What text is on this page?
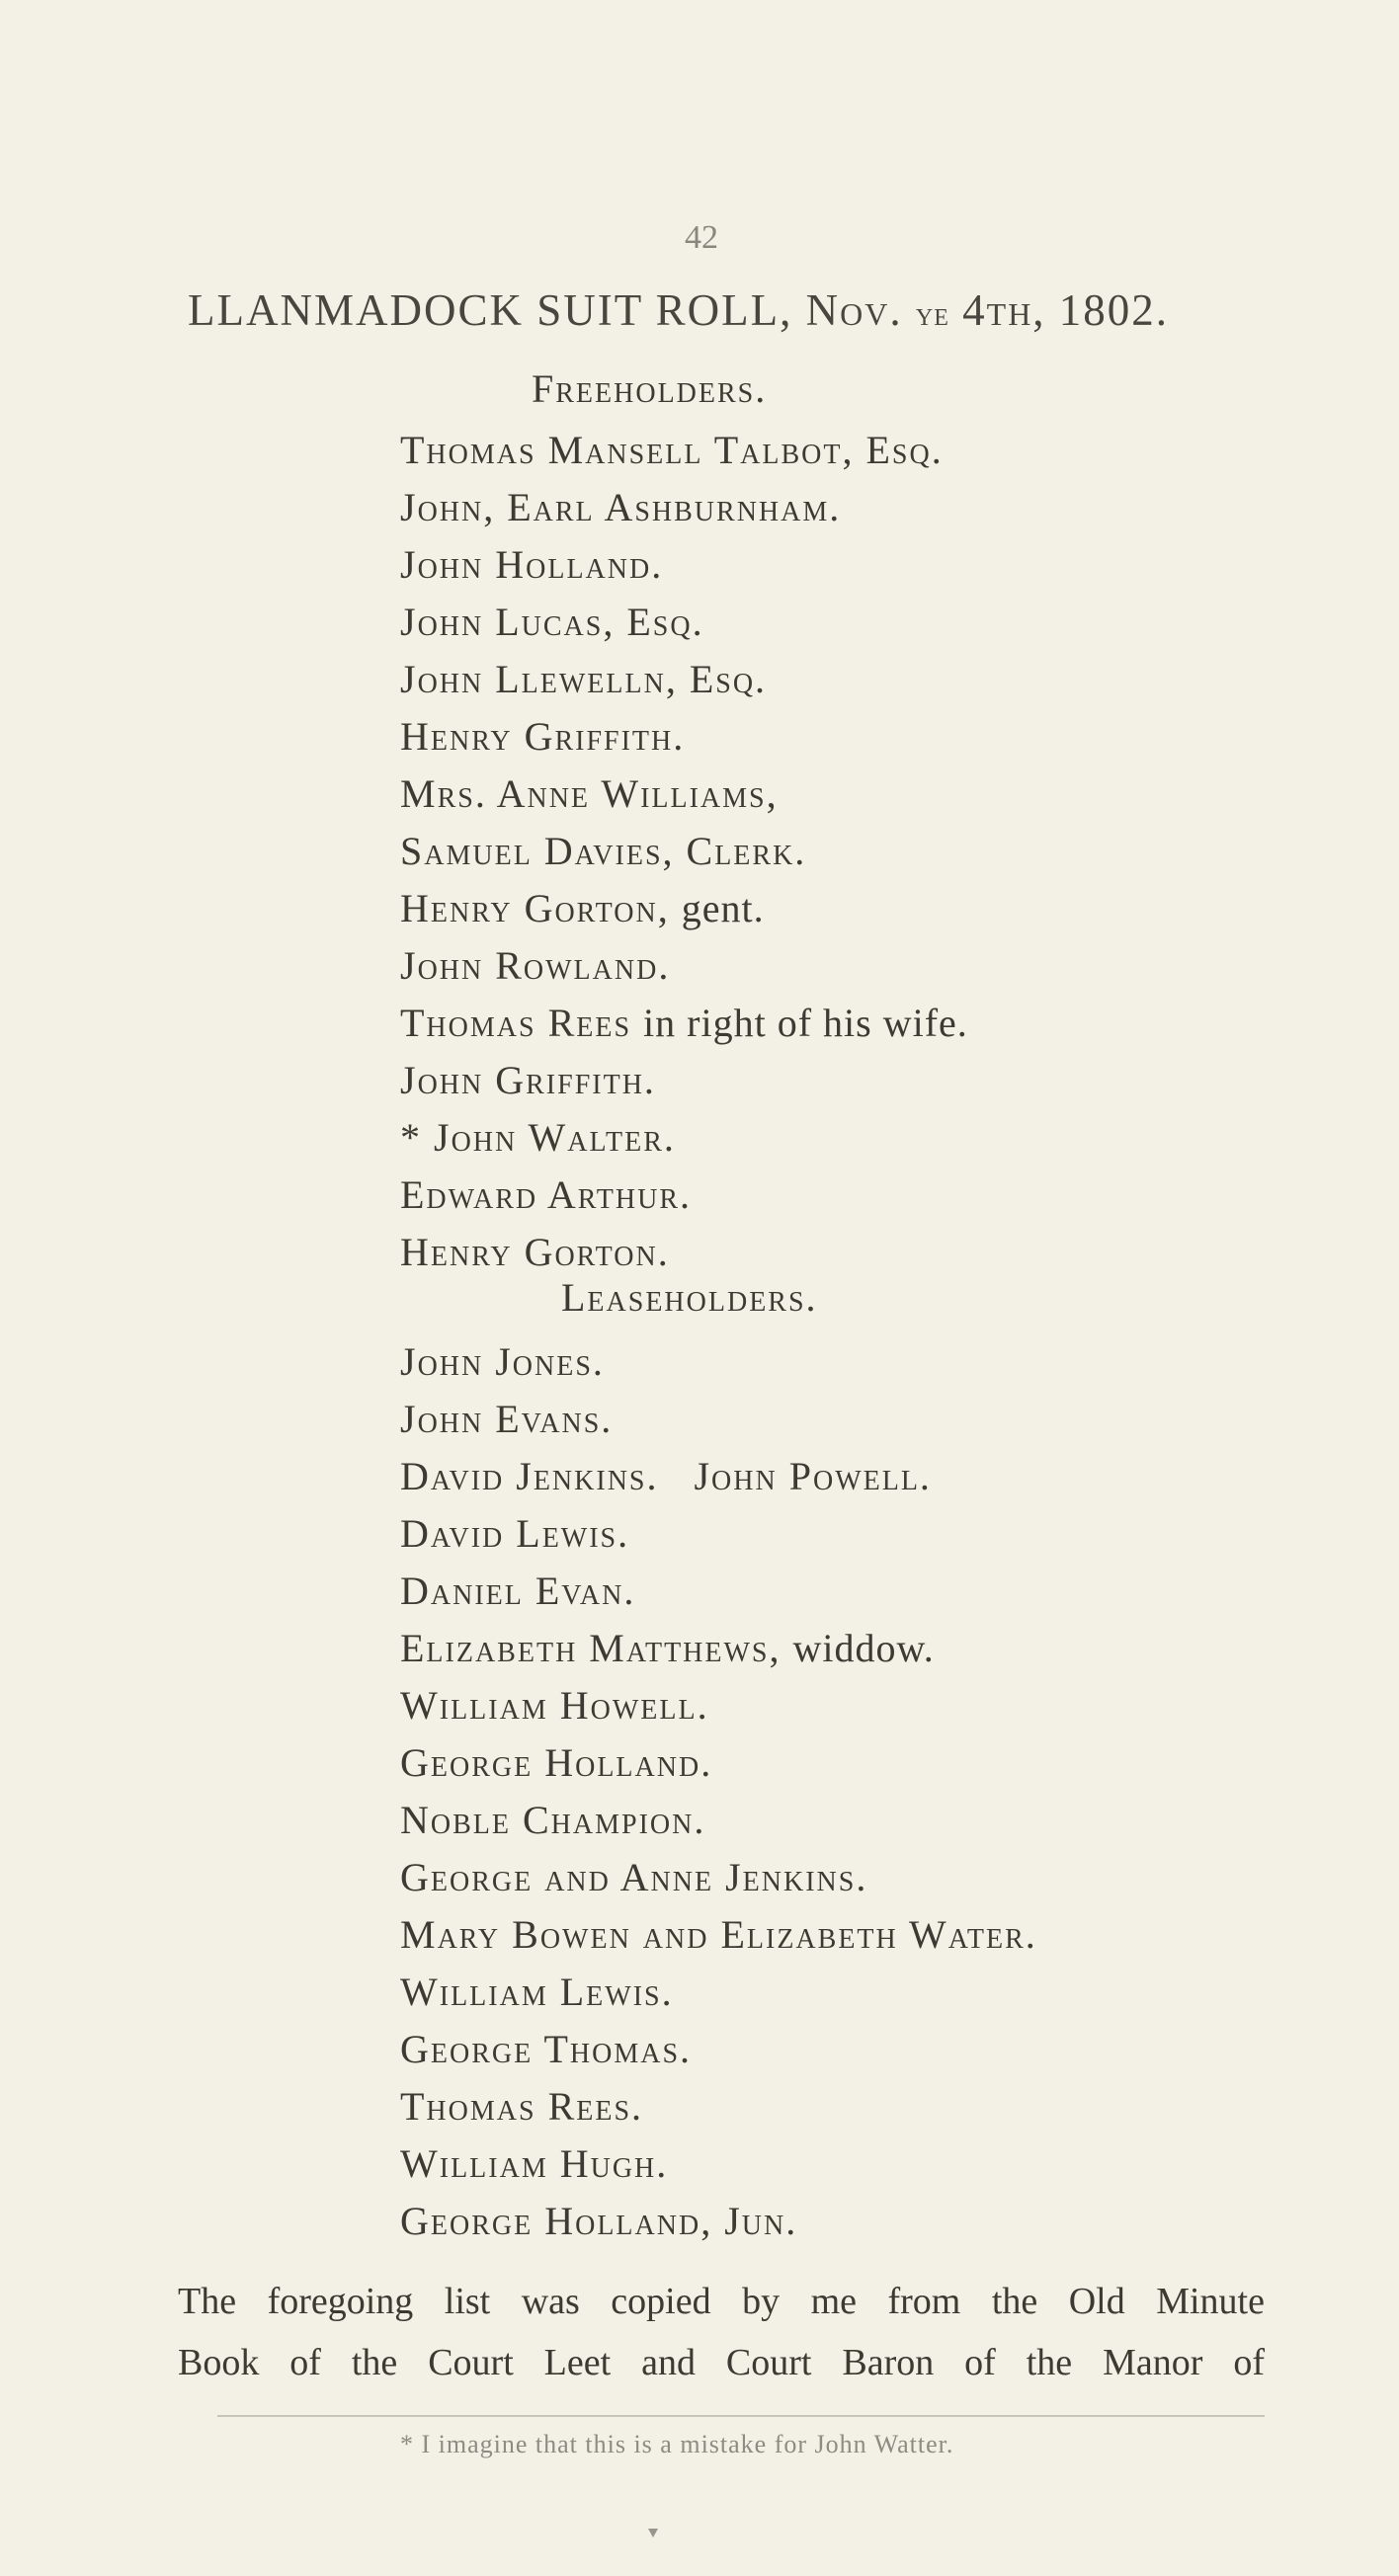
42
LLANMADOCK SUIT ROLL, Nov. ye 4th, 1802.
Freeholders.
Thomas Mansell Talbot, Esq.
John, Earl Ashburnham.
John Holland.
John Lucas, Esq.
John Llewelln, Esq.
Henry Griffith.
Mrs. Anne Williams,
Samuel Davies, Clerk.
Henry Gorton, gent.
John Rowland.
Thomas Rees in right of his wife.
John Griffith.
* John Walter.
Edward Arthur.
Henry Gorton.
Leaseholders.
John Jones.
John Evans.
David Jenkins.   John Powell.
David Lewis.
Daniel Evan.
Elizabeth Matthews, widdow.
William Howell.
George Holland.
Noble Champion.
George and Anne Jenkins.
Mary Bowen and Elizabeth Water.
William Lewis.
George Thomas.
Thomas Rees.
William Hugh.
George Holland, Jun.
The foregoing list was copied by me from the Old Minute
Book of the Court Leet and Court Baron of the Manor of
* I imagine that this is a mistake for John Watter.
